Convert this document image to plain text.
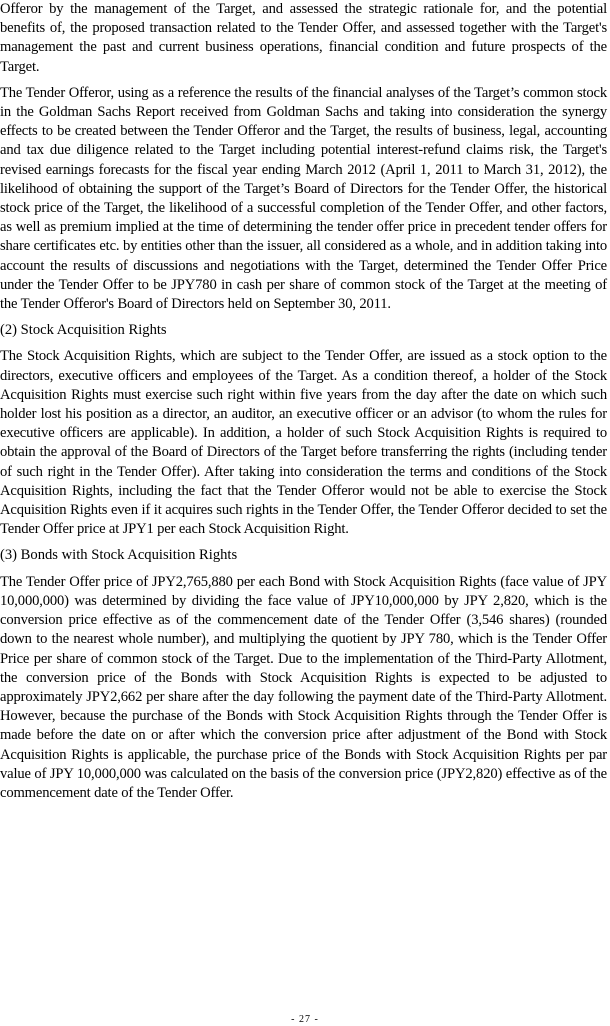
Offeror by the management of the Target, and assessed the strategic rationale for, and the potential benefits of, the proposed transaction related to the Tender Offer, and assessed together with the Target's management the past and current business operations, financial condition and future prospects of the Target.

The Tender Offeror, using as a reference the results of the financial analyses of the Target’s common stock in the Goldman Sachs Report received from Goldman Sachs and taking into consideration the synergy effects to be created between the Tender Offeror and the Target, the results of business, legal, accounting and tax due diligence related to the Target including potential interest-refund claims risk, the Target's revised earnings forecasts for the fiscal year ending March 2012 (April 1, 2011 to March 31, 2012), the likelihood of obtaining the support of the Target’s Board of Directors for the Tender Offer, the historical stock price of the Target, the likelihood of a successful completion of the Tender Offer, and other factors, as well as premium implied at the time of determining the tender offer price in precedent tender offers for share certificates etc. by entities other than the issuer, all considered as a whole, and in addition taking into account the results of discussions and negotiations with the Target, determined the Tender Offer Price under the Tender Offer to be JPY780 in cash per share of common stock of the Target at the meeting of the Tender Offeror's Board of Directors held on September 30, 2011.

(2) Stock Acquisition Rights

The Stock Acquisition Rights, which are subject to the Tender Offer, are issued as a stock option to the directors, executive officers and employees of the Target. As a condition thereof, a holder of the Stock Acquisition Rights must exercise such right within five years from the day after the date on which such holder lost his position as a director, an auditor, an executive officer or an advisor (to whom the rules for executive officers are applicable). In addition, a holder of such Stock Acquisition Rights is required to obtain the approval of the Board of Directors of the Target before transferring the rights (including tender of such right in the Tender Offer). After taking into consideration the terms and conditions of the Stock Acquisition Rights, including the fact that the Tender Offeror would not be able to exercise the Stock Acquisition Rights even if it acquires such rights in the Tender Offer, the Tender Offeror decided to set the Tender Offer price at JPY1 per each Stock Acquisition Right.

(3) Bonds with Stock Acquisition Rights

The Tender Offer price of JPY2,765,880 per each Bond with Stock Acquisition Rights (face value of JPY 10,000,000) was determined by dividing the face value of JPY10,000,000 by JPY 2,820, which is the conversion price effective as of the commencement date of the Tender Offer (3,546 shares) (rounded down to the nearest whole number), and multiplying the quotient by JPY 780, which is the Tender Offer Price per share of common stock of the Target. Due to the implementation of the Third-Party Allotment, the conversion price of the Bonds with Stock Acquisition Rights is expected to be adjusted to approximately JPY2,662 per share after the day following the payment date of the Third-Party Allotment. However, because the purchase of the Bonds with Stock Acquisition Rights through the Tender Offer is made before the date on or after which the conversion price after adjustment of the Bond with Stock Acquisition Rights is applicable, the purchase price of the Bonds with Stock Acquisition Rights per par value of JPY 10,000,000 was calculated on the basis of the conversion price (JPY2,820) effective as of the commencement date of the Tender Offer.

- 27 -
